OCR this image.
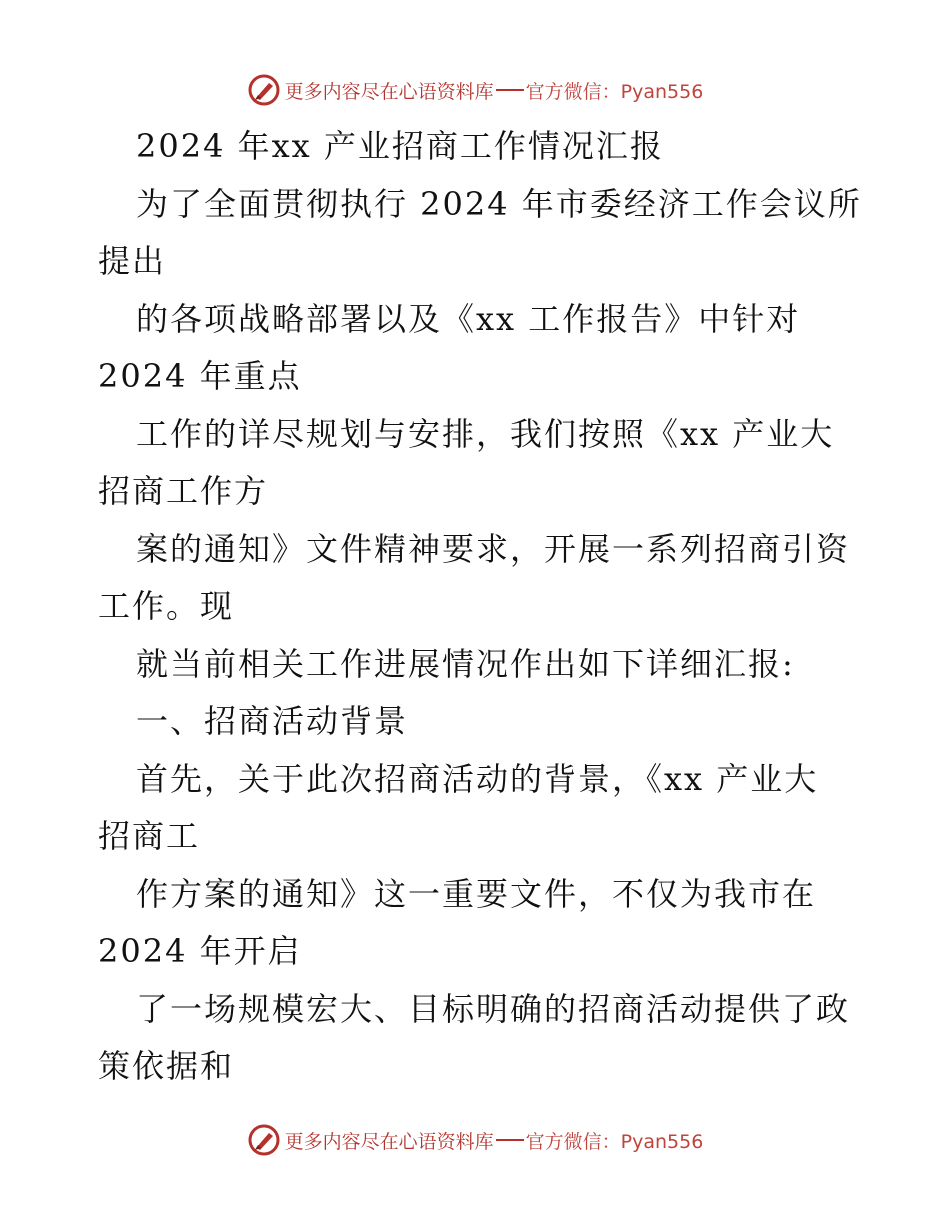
更多内容尽在心语资料库 官方微信：Pyan556
2024 年xx 产业招商工作情况汇报
为了全面贯彻执行 2024 年市委经济工作会议所
提出
的各项战略部署以及《xx 工作报告》中针对
2024 年重点
工作的详尽规划与安排，我们按照《xx 产业大
招商工作方
案的通知》文件精神要求，开展一系列招商引资
工作。现
就当前相关工作进展情况作出如下详细汇报:
一、招商活动背景
首先，关于此次招商活动的背景，《xx 产业大
招商工
作方案的通知》这一重要文件，不仅为我市在
2024 年开启
了一场规模宏大、目标明确的招商活动提供了政
策依据和
更多内容尽在心语资料库 官方微信：Pyan556
